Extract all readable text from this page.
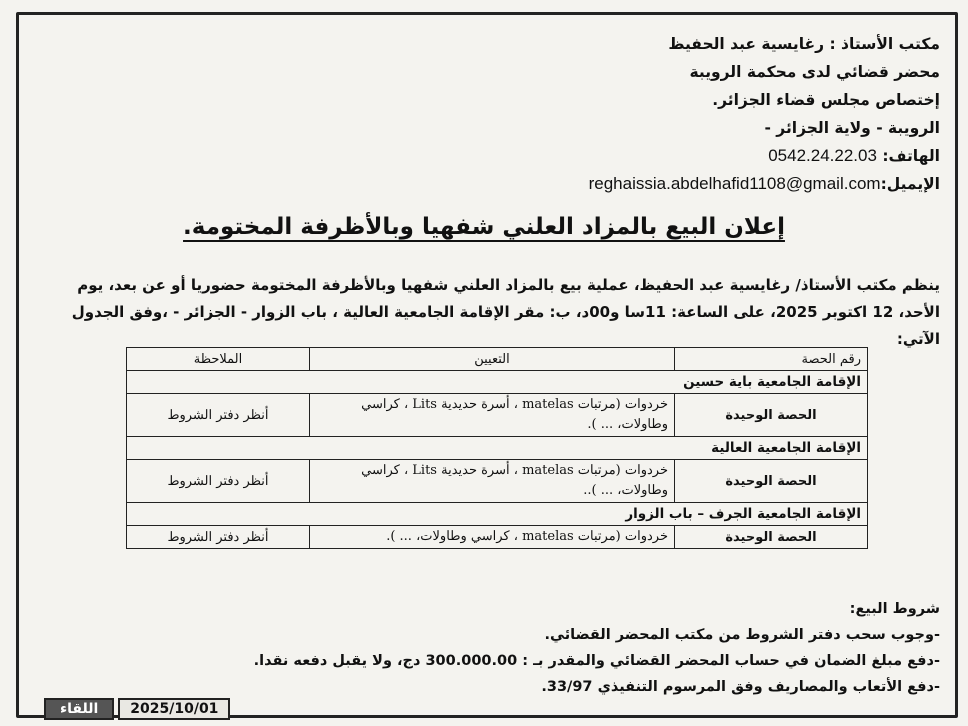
مكتب الأستاذ : رغايسية عبد الحفيظ
محضر قضائي لدى محكمة الرويبة
إختصاص مجلس قضاء الجزائر.
الرويبة - ولاية الجزائر -
الهاتف: 0542.24.22.03
الإيميل:reghaissia.abdelhafid1108@gmail.com
إعلان البيع بالمزاد العلني شفهيا وبالأظرفة المختومة.
ينظم مكتب الأستاذ/ رغايسية عبد الحفيظ، عملية بيع بالمزاد العلني شفهيا وبالأظرفة المختومة حضوريا أو عن بعد، يوم الأحد، 12 اكتوبر 2025، على الساعة: 11سا و00د، ب: مقر الإقامة الجامعية العالية ، باب الزوار - الجزائر - ،وفق الجدول الآتي:
رقم الحصة	التعيين	الملاحظة
الإقامة الجامعية باية حسين		
الحصة الوحيدة	خردوات (مرتبات matelas ، أسرة حديدية Lits ، كراسي وطاولات، ... ).	أنظر دفتر الشروط
الإقامة الجامعية العالية		
الحصة الوحيدة	خردوات (مرتبات matelas ، أسرة حديدية Lits ، كراسي وطاولات، ... )..	أنظر دفتر الشروط
الإقامة الجامعية الجرف – باب الزوار		
الحصة الوحيدة	خردوات (مرتبات matelas ، كراسي وطاولات، ... ).	أنظر دفتر الشروط
شروط البيع:
-وجوب سحب دفتر الشروط من مكتب المحضر القضائي.
-دفع مبلغ الضمان في حساب المحضر القضائي والمقدر بـ : 300.000.00 دج، ولا يقبل دفعه نقدا.
-دفع الأتعاب والمصاريف وفق المرسوم التنفيذي 33/97.
اللقاء	2025/10/01
